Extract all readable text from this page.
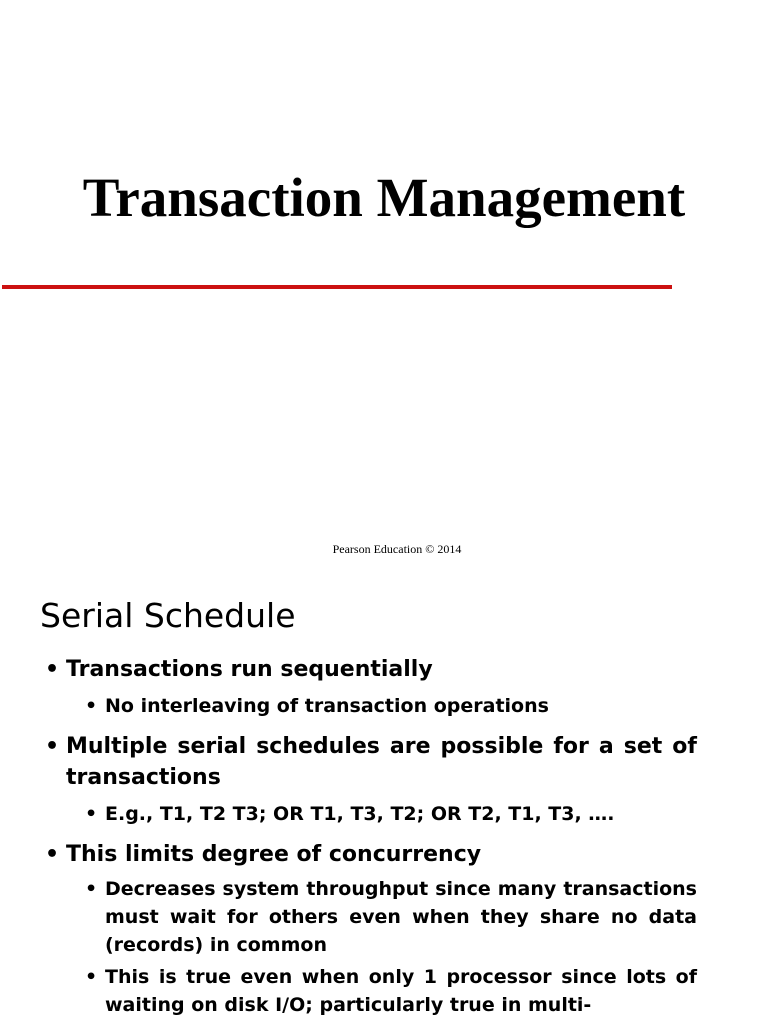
Transaction Management
Pearson Education © 2014
Serial Schedule
• Transactions run sequentially
• No interleaving of transaction operations
• Multiple serial schedules are possible for a set of transactions
• E.g., T1, T2 T3; OR T1, T3, T2; OR T2, T1, T3, ….
• This limits degree of concurrency
• Decreases system throughput since many transactions must wait for others even when they share no data (records) in common
• This is true even when only 1 processor since lots of waiting on disk I/O; particularly true in multi-
